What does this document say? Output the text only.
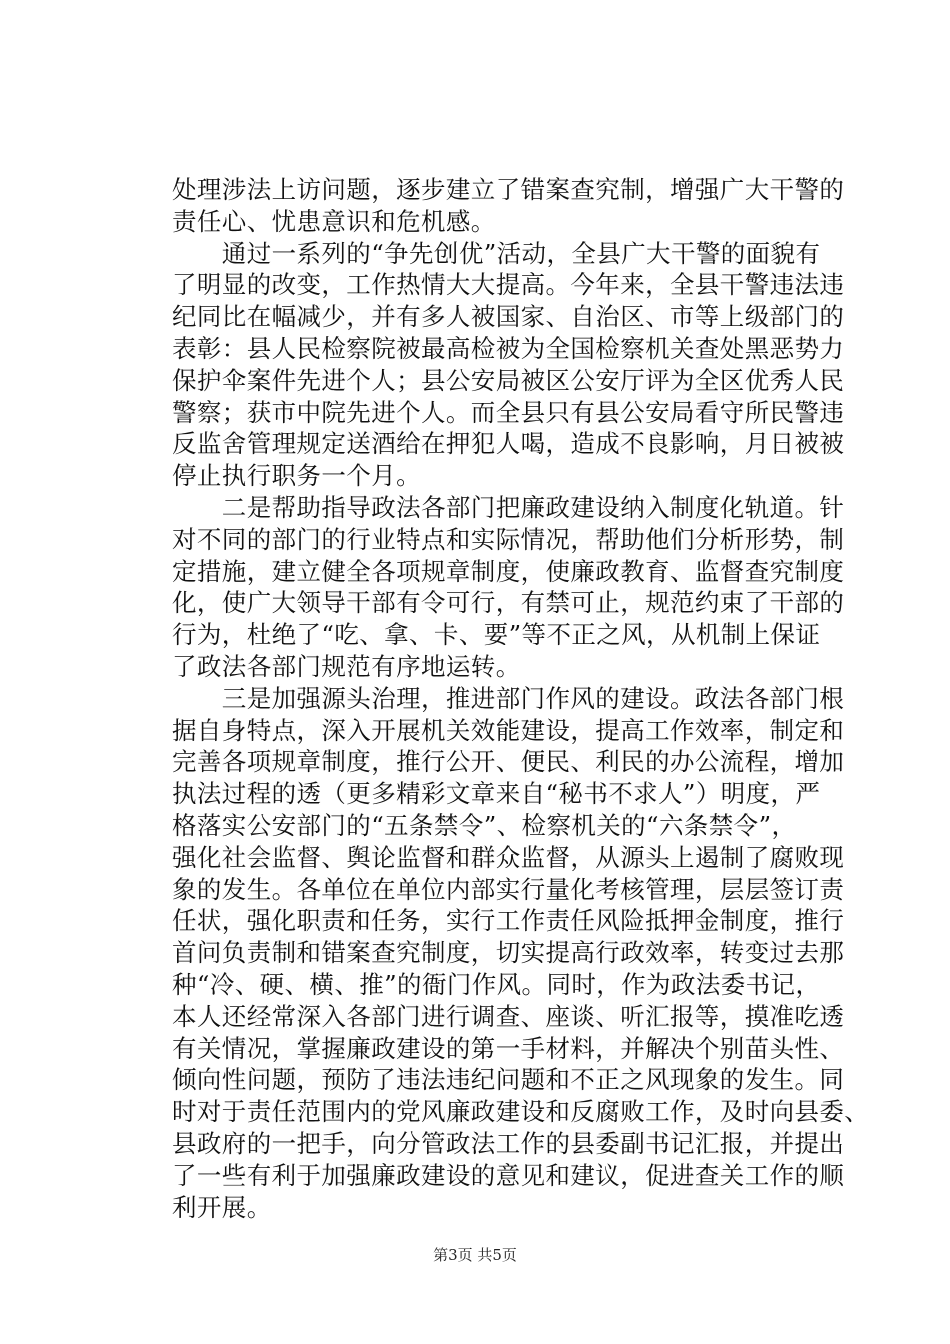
处理涉法上访问题，逐步建立了错案查究制，增强广大干警的
责任心、忧患意识和危机感。
　　通过一系列的“争先创优”活动，全县广大干警的面貌有
了明显的改变，工作热情大大提高。今年来，全县干警违法违
纪同比在幅减少，并有多人被国家、自治区、市等上级部门的
表彰：县人民检察院被最高检被为全国检察机关查处黑恶势力
保护伞案件先进个人；县公安局被区公安厅评为全区优秀人民
警察；获市中院先进个人。而全县只有县公安局看守所民警违
反监舍管理规定送酒给在押犯人喝，造成不良影响，月日被被
停止执行职务一个月。
　　二是帮助指导政法各部门把廉政建设纳入制度化轨道。针
对不同的部门的行业特点和实际情况，帮助他们分析形势，制
定措施，建立健全各项规章制度，使廉政教育、监督查究制度
化，使广大领导干部有令可行，有禁可止，规范约束了干部的
行为，杜绝了“吃、拿、卡、要”等不正之风，从机制上保证
了政法各部门规范有序地运转。
　　三是加强源头治理，推进部门作风的建设。政法各部门根
据自身特点，深入开展机关效能建设，提高工作效率，制定和
完善各项规章制度，推行公开、便民、利民的办公流程，增加
执法过程的透（更多精彩文章来自“秘书不求人”）明度，严
格落实公安部门的“五条禁令”、检察机关的“六条禁令”，
强化社会监督、舆论监督和群众监督，从源头上遏制了腐败现
象的发生。各单位在单位内部实行量化考核管理，层层签订责
任状，强化职责和任务，实行工作责任风险抵押金制度，推行
首问负责制和错案查究制度，切实提高行政效率，转变过去那
种“冷、硬、横、推”的衙门作风。同时，作为政法委书记，
本人还经常深入各部门进行调查、座谈、听汇报等，摸准吃透
有关情况，掌握廉政建设的第一手材料，并解决个别苗头性、
倾向性问题，预防了违法违纪问题和不正之风现象的发生。同
时对于责任范围内的党风廉政建设和反腐败工作，及时向县委、
县政府的一把手，向分管政法工作的县委副书记汇报，并提出
了一些有利于加强廉政建设的意见和建议，促进查关工作的顺
利开展。
第3页 共5页
